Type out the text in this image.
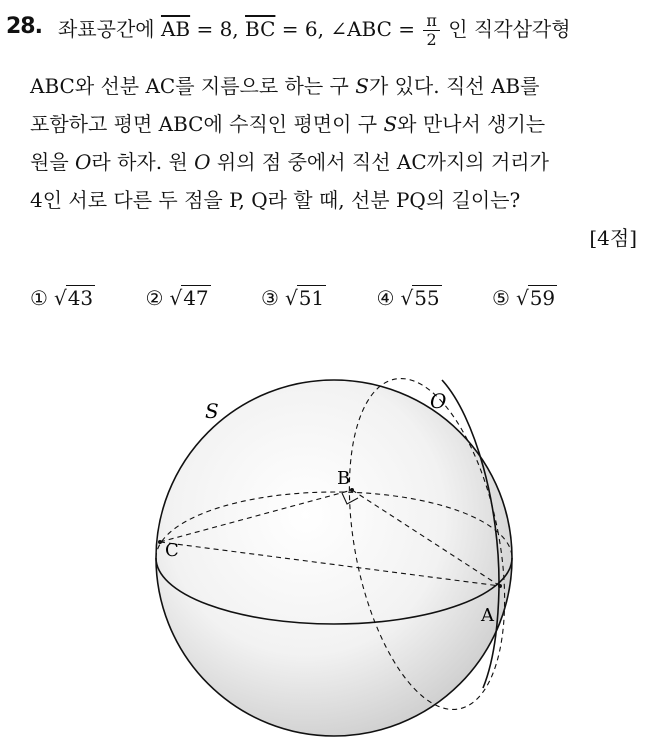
28. 좌표공간에 $\overline{AB} = 8$, $\overline{BC} = 6$, ∠ABC = $\frac{\pi}{2}$ 인 직각삼각형
ABC와 선분 AC를 지름으로 하는 구 S가 있다. 직선 AB를
포함하고 평면 ABC에 수직인 평면이 구 S와 만나서 생기는
원을 O라 하자. 원 O 위의 점 중에서 직선 AC까지의 거리가
4인 서로 다른 두 점을 P, Q라 할 때, 선분 PQ의 길이는?
[4점]
① √43	② √47	③ √51	④ √55	⑤ √59
S	O
B
C
A
